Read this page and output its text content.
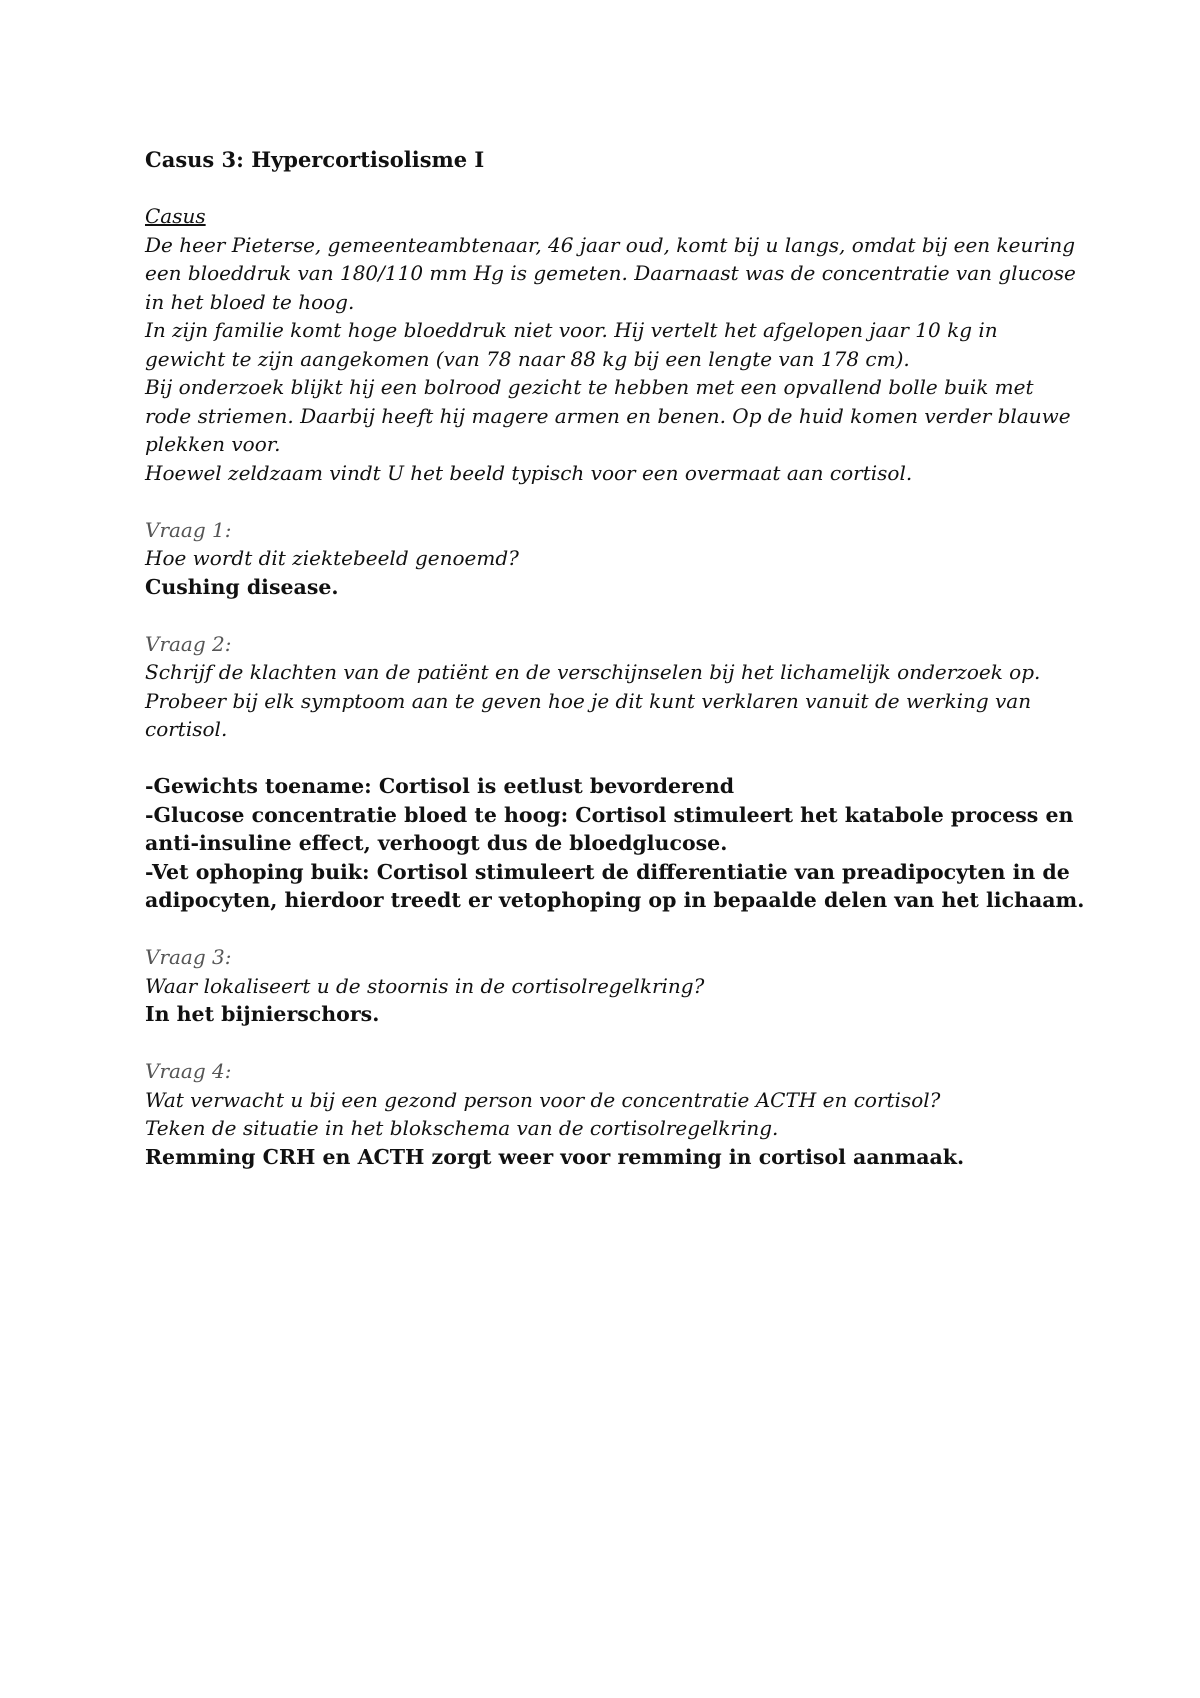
Casus 3: Hypercortisolisme I
Casus
De heer Pieterse, gemeenteambtenaar, 46 jaar oud, komt bij u langs, omdat bij een keuring
een bloeddruk van 180/110 mm Hg is gemeten. Daarnaast was de concentratie van glucose
in het bloed te hoog.
In zijn familie komt hoge bloeddruk niet voor. Hij vertelt het afgelopen jaar 10 kg in
gewicht te zijn aangekomen (van 78 naar 88 kg bij een lengte van 178 cm).
Bij onderzoek blijkt hij een bolrood gezicht te hebben met een opvallend bolle buik met
rode striemen. Daarbij heeft hij magere armen en benen. Op de huid komen verder blauwe
plekken voor.
Hoewel zeldzaam vindt U het beeld typisch voor een overmaat aan cortisol.
Vraag 1:
Hoe wordt dit ziektebeeld genoemd?
Cushing disease.
Vraag 2:
Schrijf de klachten van de patiënt en de verschijnselen bij het lichamelijk onderzoek op.
Probeer bij elk symptoom aan te geven hoe je dit kunt verklaren vanuit de werking van
cortisol.
-Gewichts toename: Cortisol is eetlust bevorderend
-Glucose concentratie bloed te hoog: Cortisol stimuleert het katabole process en
anti-insuline effect, verhoogt dus de bloedglucose.
-Vet ophoping buik: Cortisol stimuleert de differentiatie van preadipocyten in de
adipocyten, hierdoor treedt er vetophoping op in bepaalde delen van het lichaam.
Vraag 3:
Waar lokaliseert u de stoornis in de cortisolregelkring?
In het bijnierschors.
Vraag 4:
Wat verwacht u bij een gezond person voor de concentratie ACTH en cortisol?
Teken de situatie in het blokschema van de cortisolregelkring.
Remming CRH en ACTH zorgt weer voor remming in cortisol aanmaak.
